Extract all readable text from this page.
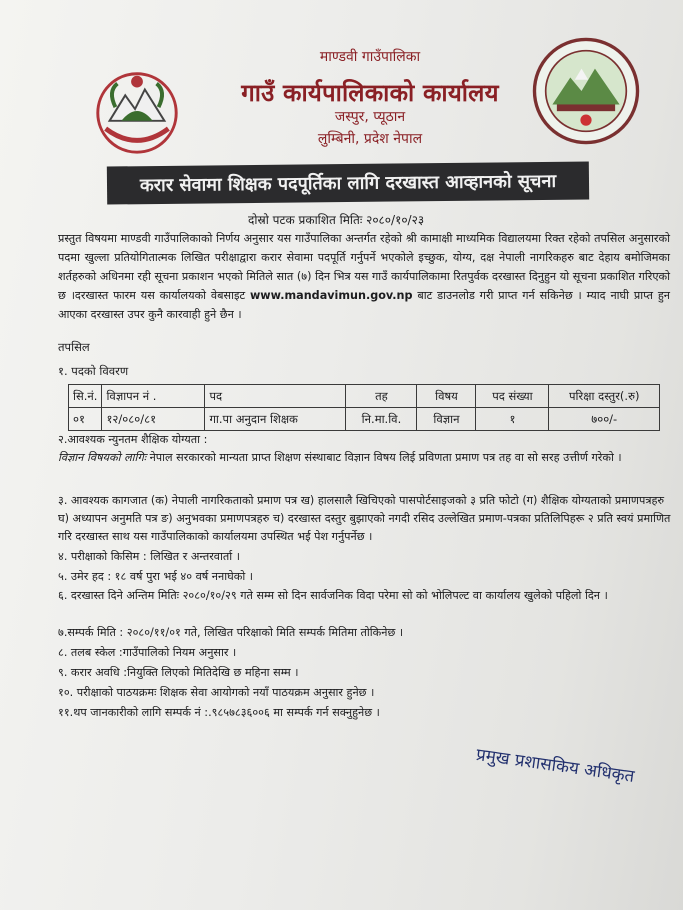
माण्डवी गाउँपालिका
गाउँ कार्यपालिकाको कार्यालय
जस्पुर, प्यूठान
लुम्बिनी, प्रदेश नेपाल
करार सेवामा शिक्षक पदपूर्तिका लागि दरखास्त आव्हानको सूचना
दोस्रो पटक प्रकाशित मितिः २०८०/१०/२३
प्रस्तुत विषयमा माण्डवी गाउँपालिकाको निर्णय अनुसार यस गाउँपालिका अन्तर्गत रहेको श्री कामाक्षी माध्यमिक विद्यालयमा रिक्त रहेको तपसिल अनुसारको पदमा खुल्ला प्रतियोगितात्मक लिखित परीक्षाद्वारा करार सेवामा पदपूर्ति गर्नुपर्ने भएकोले इच्छुक, योग्य, दक्ष नेपाली नागरिकहरु बाट देहाय बमोजिमका शर्तहरुको अधिनमा रही सूचना प्रकाशन भएको मितिले सात (७) दिन भित्र यस गाउँ कार्यपालिकामा रितपुर्वक दरखास्त दिनुहुन यो सूचना प्रकाशित गरिएको छ ।दरखास्त फारम यस कार्यालयको वेबसाइट www.mandavimun.gov.np बाट डाउनलोड गरी प्राप्त गर्न सकिनेछ । म्याद नाघी प्राप्त हुन आएका दरखास्त उपर कुनै कारवाही हुने छैन ।
तपसिल
१. पदको विवरण
सि.नं.	विज्ञापन नं .	पद	तह	विषय	पद संख्या	परिक्षा दस्तुर(.रु)
०१	१२/०८०/८१	गा.पा अनुदान शिक्षक	नि.मा.वि.	विज्ञान	१	७००/-
२.आवश्यक न्युनतम शैक्षिक योग्यता :
विज्ञान विषयको लागिः नेपाल सरकारको मान्यता प्राप्त शिक्षण संस्थाबाट विज्ञान विषय लिई प्रविणता प्रमाण पत्र तह वा सो सरह उत्तीर्ण गरेको ।
३. आवश्यक कागजात (क) नेपाली नागरिकताको प्रमाण पत्र ख) हालसालै खिचिएको पासपोर्टसाइजको ३ प्रति फोटो (ग) शैक्षिक योग्यताको प्रमाणपत्रहरु घ) अध्यापन अनुमति पत्र ङ) अनुभवका प्रमाणपत्रहरु च) दरखास्त दस्तुर बुझाएको नगदी रसिद उल्लेखित प्रमाण-पत्रका प्रतिलिपिहरू २ प्रति स्वयं प्रमाणित गरि दरखास्त साथ यस गाउँपालिकाको कार्यालयमा उपस्थित भई पेश गर्नुपर्नेछ ।
४. परीक्षाको किसिम : लिखित र अन्तरवार्ता ।
५. उमेर हद : १८ वर्ष पुरा भई ४० वर्ष ननाघेको ।
६. दरखास्त दिने अन्तिम मितिः २०८०/१०/२९ गते सम्म सो दिन सार्वजनिक विदा परेमा सो को भोलिपल्ट वा कार्यालय खुलेको पहिलो दिन ।
७.सम्पर्क मिति : २०८०/११/०१ गते, लिखित परिक्षाको मिति सम्पर्क मितिमा तोकिनेछ ।
८. तलब स्केल :गाउँपालिको नियम अनुसार ।
९. करार अवधि :नियुक्ति लिएको मितिदेखि छ महिना सम्म ।
१०. परीक्षाको पाठयक्रमः शिक्षक सेवा आयोगको नयाँ पाठयक्रम अनुसार हुनेछ ।
११.थप जानकारीको लागि सम्पर्क नं :.९८५७८३६००६ मा सम्पर्क गर्न सक्नुहुनेछ ।
प्रमुख प्रशासकिय अधिकृत
